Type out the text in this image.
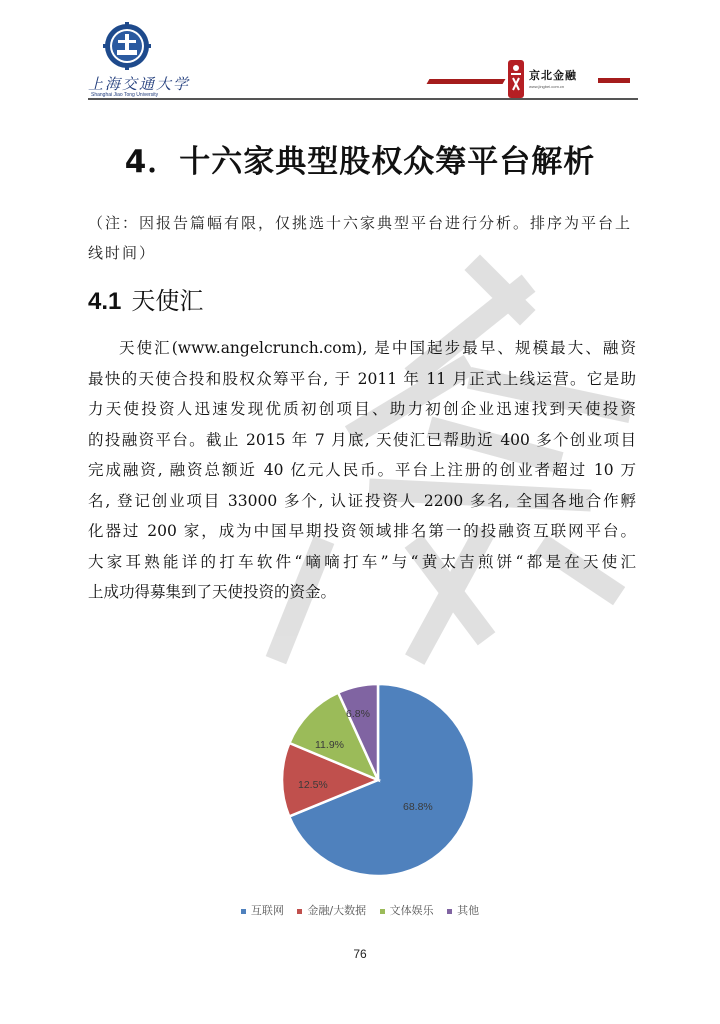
上海交通大学
Shanghai Jiao Tong University
京北金融
www.jingbei.com.cn
4．十六家典型股权众筹平台解析
（注：因报告篇幅有限，仅挑选十六家典型平台进行分析。排序为平台上线时间）
4.1 天使汇
天使汇(www.angelcrunch.com), 是中国起步最早、规模最大、融资
最快的天使合投和股权众筹平台, 于 2011 年 11 月正式上线运营。它是助
力天使投资人迅速发现优质初创项目、助力初创企业迅速找到天使投资
的投融资平台。截止 2015 年 7 月底, 天使汇已帮助近 400 多个创业项目
完成融资, 融资总额近 40 亿元人民币。平台上注册的创业者超过 10 万
名, 登记创业项目 33000 多个, 认证投资人 2200 多名, 全国各地合作孵
化器过 200 家，成为中国早期投资领域排名第一的投融资互联网平台。
大家耳熟能详的打车软件“嘀嘀打车”与“黄太吉煎饼“都是在天使汇
上成功得募集到了天使投资的资金。
68.8%
12.5%
11.9%
6.8%
互联网 金融/大数据 文体娱乐 其他
76
